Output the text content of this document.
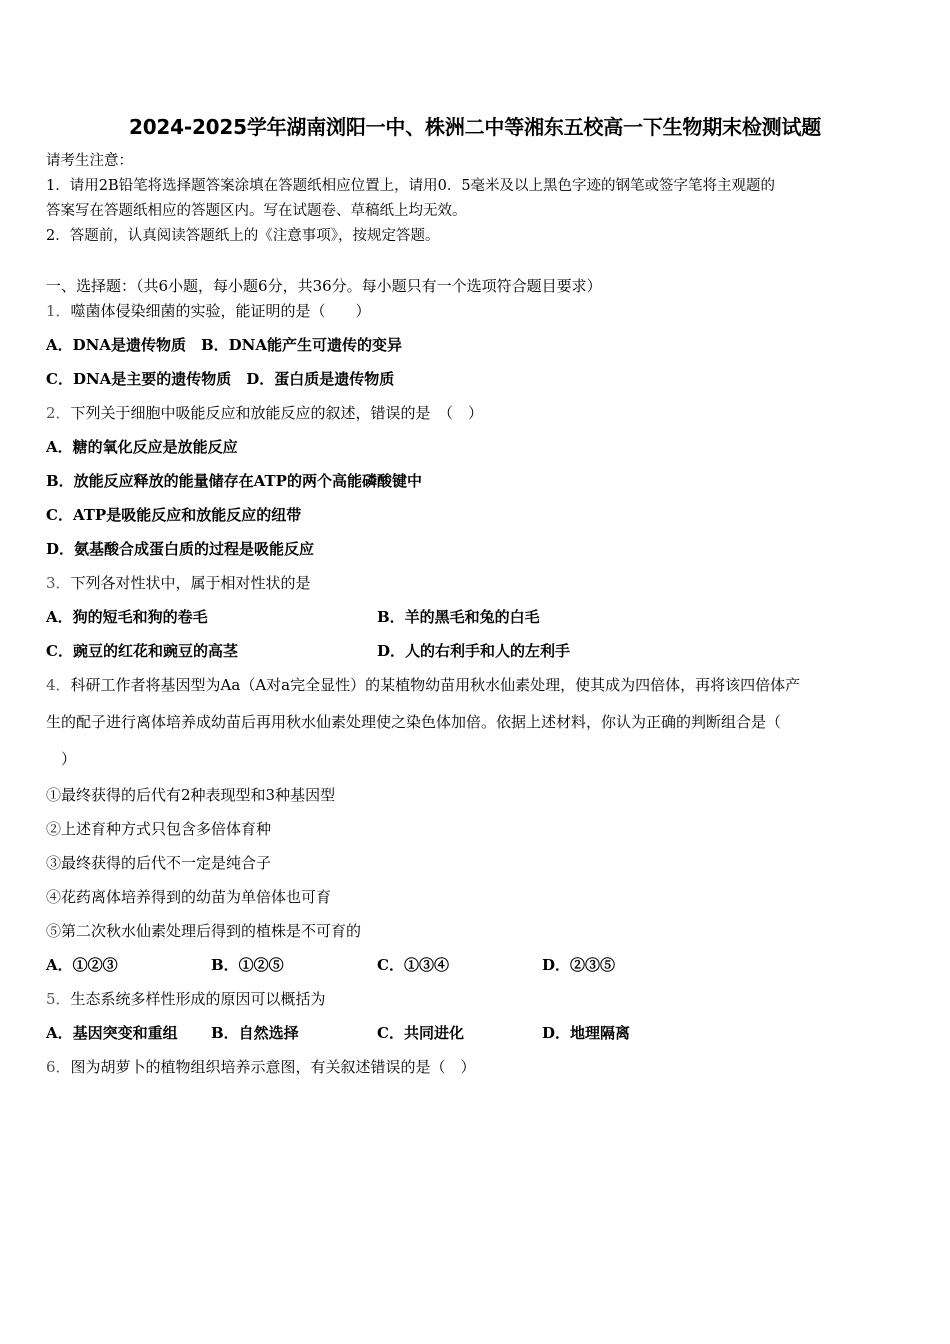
2024-2025学年湖南浏阳一中、株洲二中等湘东五校高一下生物期末检测试题
请考生注意：
1．请用2B铅笔将选择题答案涂填在答题纸相应位置上，请用0．5毫米及以上黑色字迹的钢笔或签字笔将主观题的
答案写在答题纸相应的答题区内。写在试题卷、草稿纸上均无效。
2．答题前，认真阅读答题纸上的《注意事项》，按规定答题。
一、选择题：（共6小题，每小题6分，共36分。每小题只有一个选项符合题目要求）
1．噬菌体侵染细菌的实验，能证明的是（　　）
A．DNA是遗传物质　B．DNA能产生可遗传的变异
C．DNA是主要的遗传物质　D．蛋白质是遗传物质
2．下列关于细胞中吸能反应和放能反应的叙述，错误的是　（　）
A．糖的氧化反应是放能反应
B．放能反应释放的能量储存在ATP的两个高能磷酸键中
C．ATP是吸能反应和放能反应的纽带
D．氨基酸合成蛋白质的过程是吸能反应
3．下列各对性状中，属于相对性状的是
A．狗的短毛和狗的卷毛	B．羊的黑毛和兔的白毛
C．豌豆的红花和豌豆的高茎	D．人的右利手和人的左利手
4．科研工作者将基因型为Aa（A对a完全显性）的某植物幼苗用秋水仙素处理，使其成为四倍体，再将该四倍体产
生的配子进行离体培养成幼苗后再用秋水仙素处理使之染色体加倍。依据上述材料，你认为正确的判断组合是（
　）
①最终获得的后代有2种表现型和3种基因型
②上述育种方式只包含多倍体育种
③最终获得的后代不一定是纯合子
④花药离体培养得到的幼苗为单倍体也可育
⑤第二次秋水仙素处理后得到的植株是不可育的
A．①②③	B．①②⑤	C．①③④	D．②③⑤
5．生态系统多样性形成的原因可以概括为
A．基因突变和重组 B．自然选择	C．共同进化	D．地理隔离
6．图为胡萝卜的植物组织培养示意图，有关叙述错误的是（　）
